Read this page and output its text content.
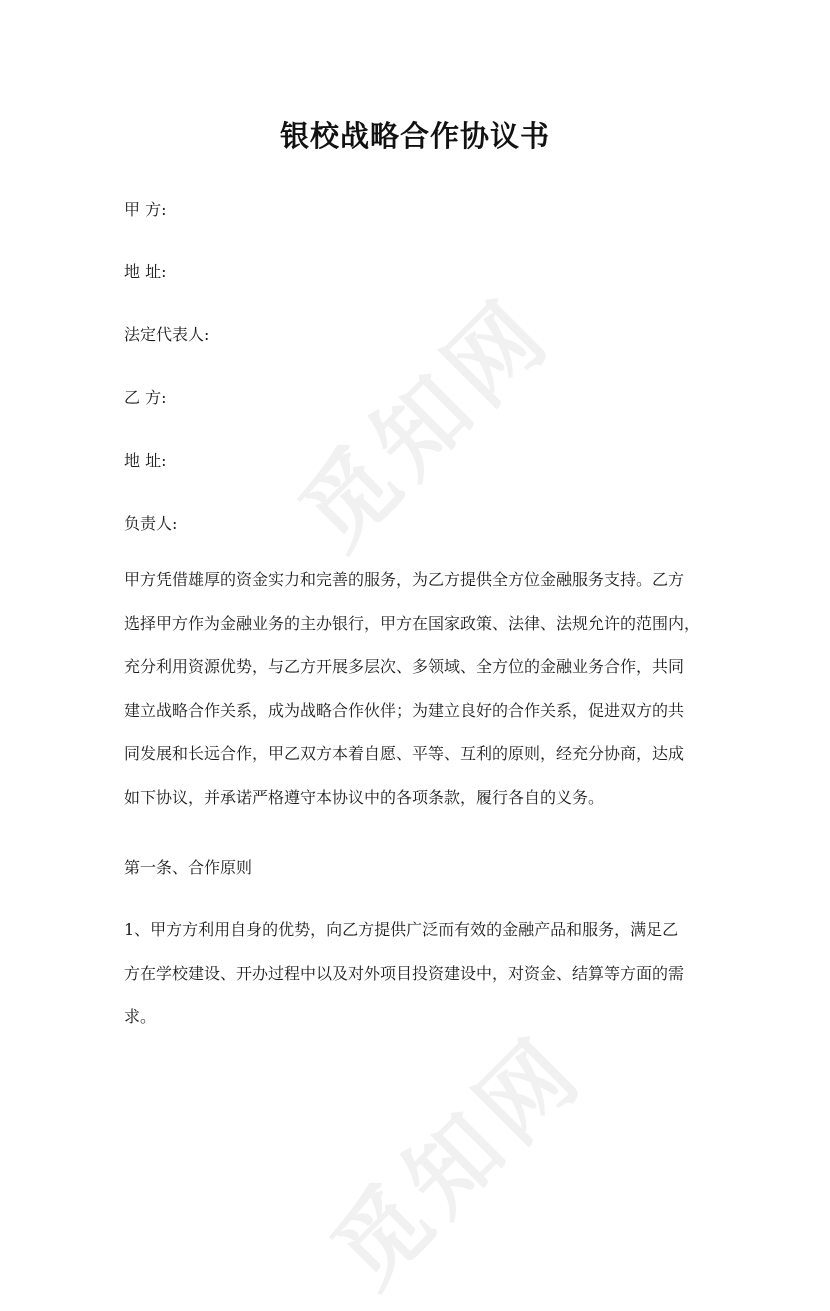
觅知网
觅知网
银校战略合作协议书

甲 方:

地 址:

法定代表人:

乙 方:

地 址:

负责人:

甲方凭借雄厚的资金实力和完善的服务，为乙方提供全方位金融服务支持。乙方
选择甲方作为金融业务的主办银行，甲方在国家政策、法律、法规允许的范围内，
充分利用资源优势，与乙方开展多层次、多领域、全方位的金融业务合作，共同
建立战略合作关系，成为战略合作伙伴；为建立良好的合作关系，促进双方的共
同发展和长远合作，甲乙双方本着自愿、平等、互利的原则，经充分协商，达成
如下协议，并承诺严格遵守本协议中的各项条款，履行各自的义务。

第一条、合作原则

1、甲方方利用自身的优势，向乙方提供广泛而有效的金融产品和服务，满足乙
方在学校建设、开办过程中以及对外项目投资建设中，对资金、结算等方面的需
求。
